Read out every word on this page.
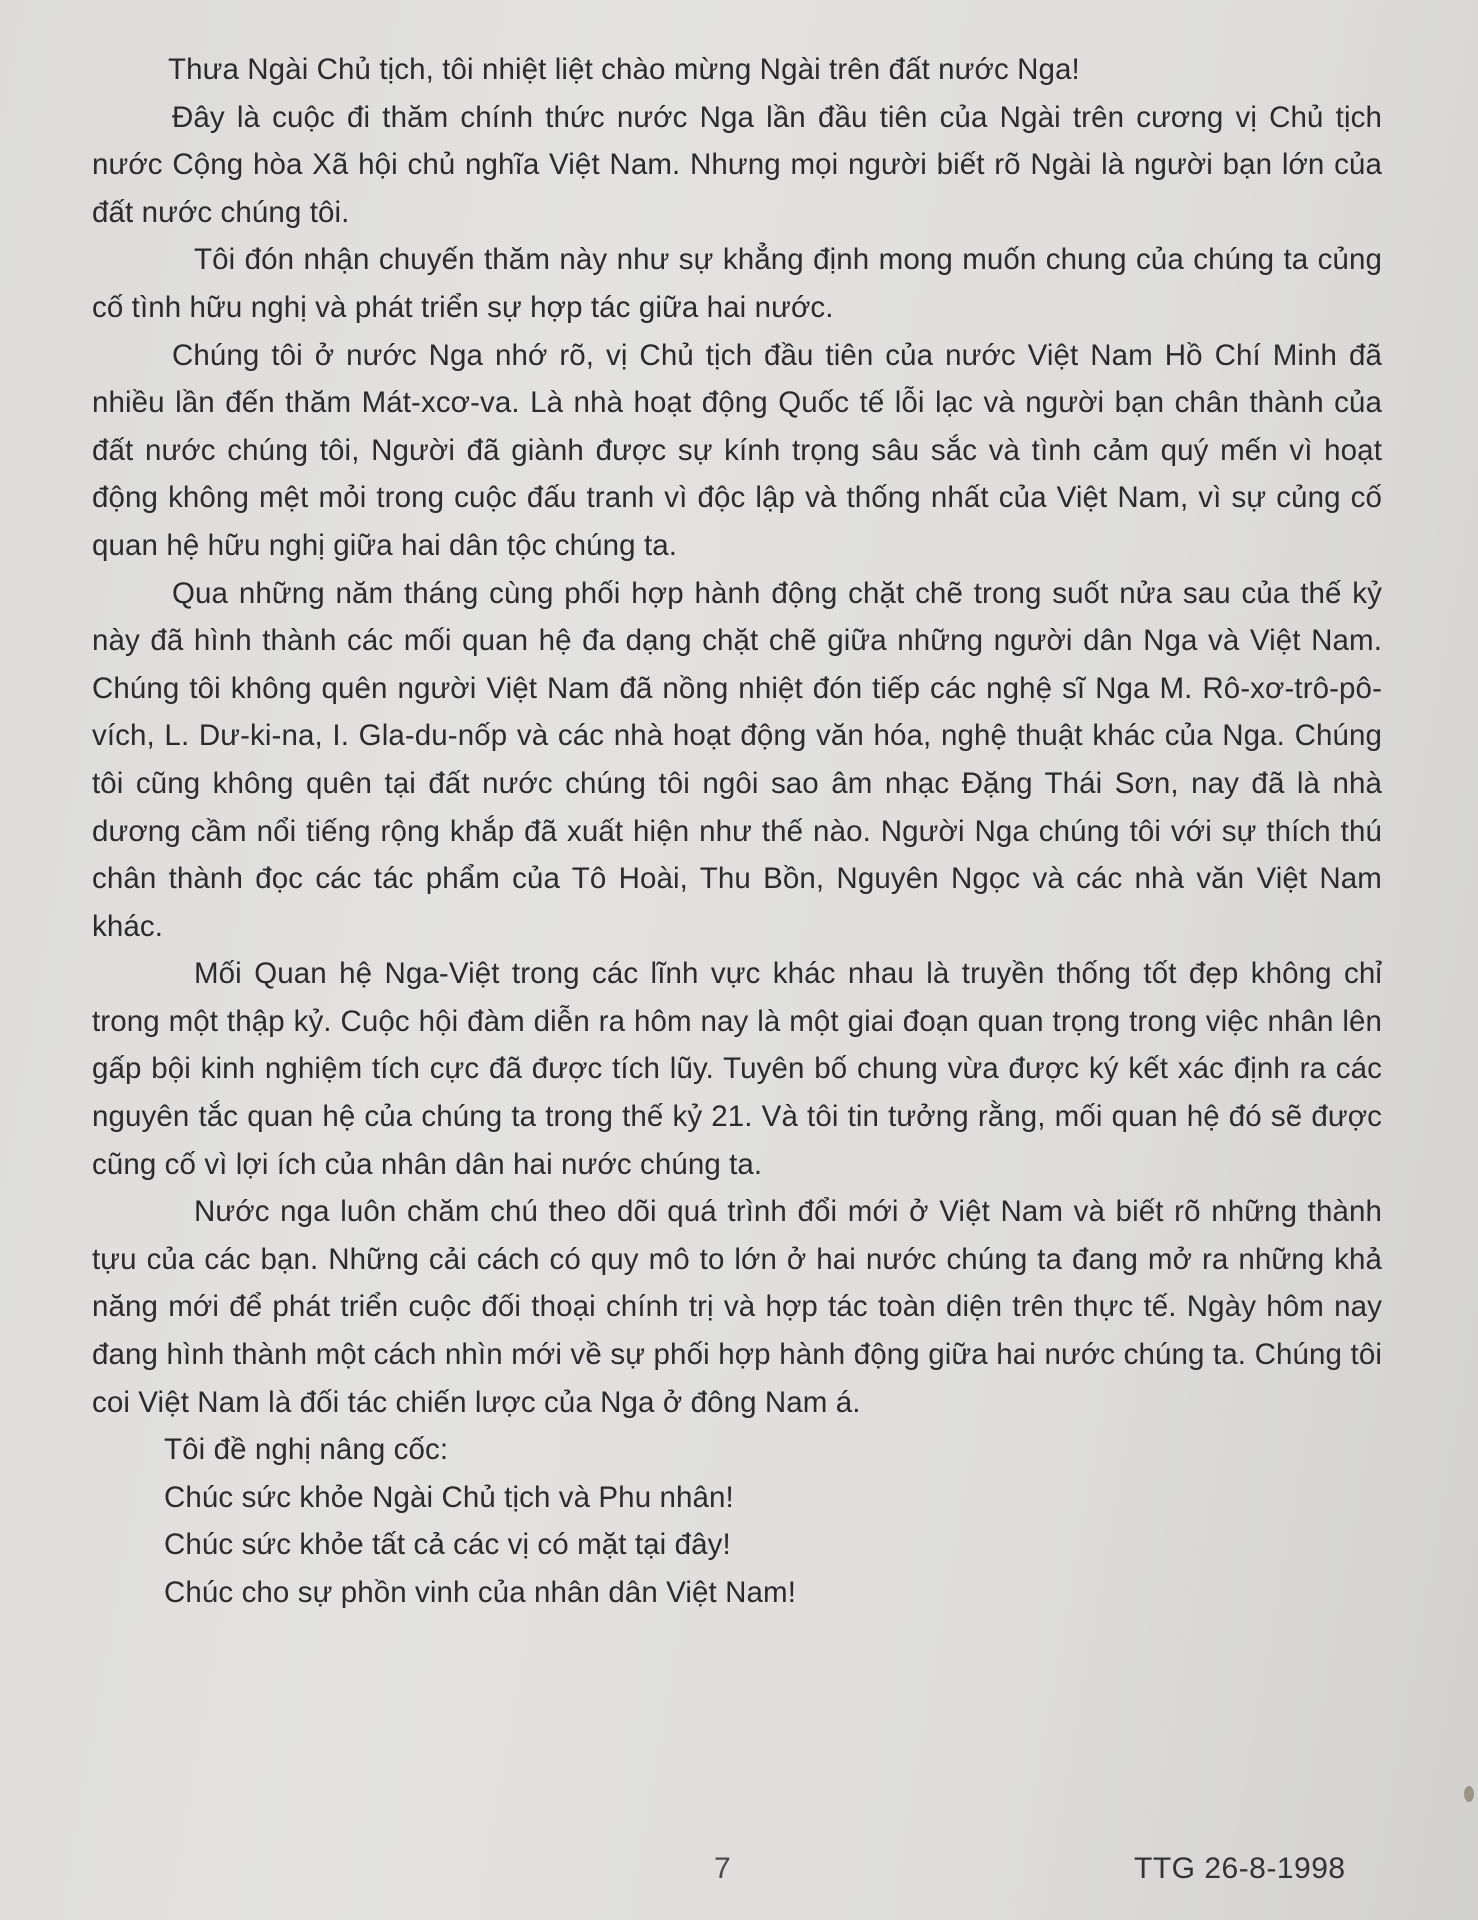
Thưa Ngài Chủ tịch, tôi nhiệt liệt chào mừng Ngài trên đất nước Nga!

Đây là cuộc đi thăm chính thức nước Nga lần đầu tiên của Ngài trên cương vị Chủ tịch nước Cộng hòa Xã hội chủ nghĩa Việt Nam. Nhưng mọi người biết rõ Ngài là người bạn lớn của đất nước chúng tôi.

Tôi đón nhận chuyến thăm này như sự khẳng định mong muốn chung của chúng ta củng cố tình hữu nghị và phát triển sự hợp tác giữa hai nước.

Chúng tôi ở nước Nga nhớ rõ, vị Chủ tịch đầu tiên của nước Việt Nam Hồ Chí Minh đã nhiều lần đến thăm Mát-xcơ-va. Là nhà hoạt động Quốc tế lỗi lạc và người bạn chân thành của đất nước chúng tôi, Người đã giành được sự kính trọng sâu sắc và tình cảm quý mến vì hoạt động không mệt mỏi trong cuộc đấu tranh vì độc lập và thống nhất của Việt Nam, vì sự củng cố quan hệ hữu nghị giữa hai dân tộc chúng ta.

Qua những năm tháng cùng phối hợp hành động chặt chẽ trong suốt nửa sau của thế kỷ này đã hình thành các mối quan hệ đa dạng chặt chẽ giữa những người dân Nga và Việt Nam. Chúng tôi không quên người Việt Nam đã nồng nhiệt đón tiếp các nghệ sĩ Nga M. Rô-xơ-trô-pô-vích, L. Dư-ki-na, I. Gla-du-nốp và các nhà hoạt động văn hóa, nghệ thuật khác của Nga. Chúng tôi cũng không quên tại đất nước chúng tôi ngôi sao âm nhạc Đặng Thái Sơn, nay đã là nhà dương cầm nổi tiếng rộng khắp đã xuất hiện như thế nào. Người Nga chúng tôi với sự thích thú chân thành đọc các tác phẩm của Tô Hoài, Thu Bồn, Nguyên Ngọc và các nhà văn Việt Nam khác.

Mối Quan hệ Nga-Việt trong các lĩnh vực khác nhau là truyền thống tốt đẹp không chỉ trong một thập kỷ. Cuộc hội đàm diễn ra hôm nay là một giai đoạn quan trọng trong việc nhân lên gấp bội kinh nghiệm tích cực đã được tích lũy. Tuyên bố chung vừa được ký kết xác định ra các nguyên tắc quan hệ của chúng ta trong thế kỷ 21. Và tôi tin tưởng rằng, mối quan hệ đó sẽ được cũng cố vì lợi ích của nhân dân hai nước chúng ta.

Nước nga luôn chăm chú theo dõi quá trình đổi mới ở Việt Nam và biết rõ những thành tựu của các bạn. Những cải cách có quy mô to lớn ở hai nước chúng ta đang mở ra những khả năng mới để phát triển cuộc đối thoại chính trị và hợp tác toàn diện trên thực tế. Ngày hôm nay đang hình thành một cách nhìn mới về sự phối hợp hành động giữa hai nước chúng ta. Chúng tôi coi Việt Nam là đối tác chiến lược của Nga ở đông Nam á.

Tôi đề nghị nâng cốc:

Chúc sức khỏe Ngài Chủ tịch và Phu nhân!

Chúc sức khỏe tất cả các vị có mặt tại đây!

Chúc cho sự phồn vinh của nhân dân Việt Nam!

7	TTG 26-8-1998
